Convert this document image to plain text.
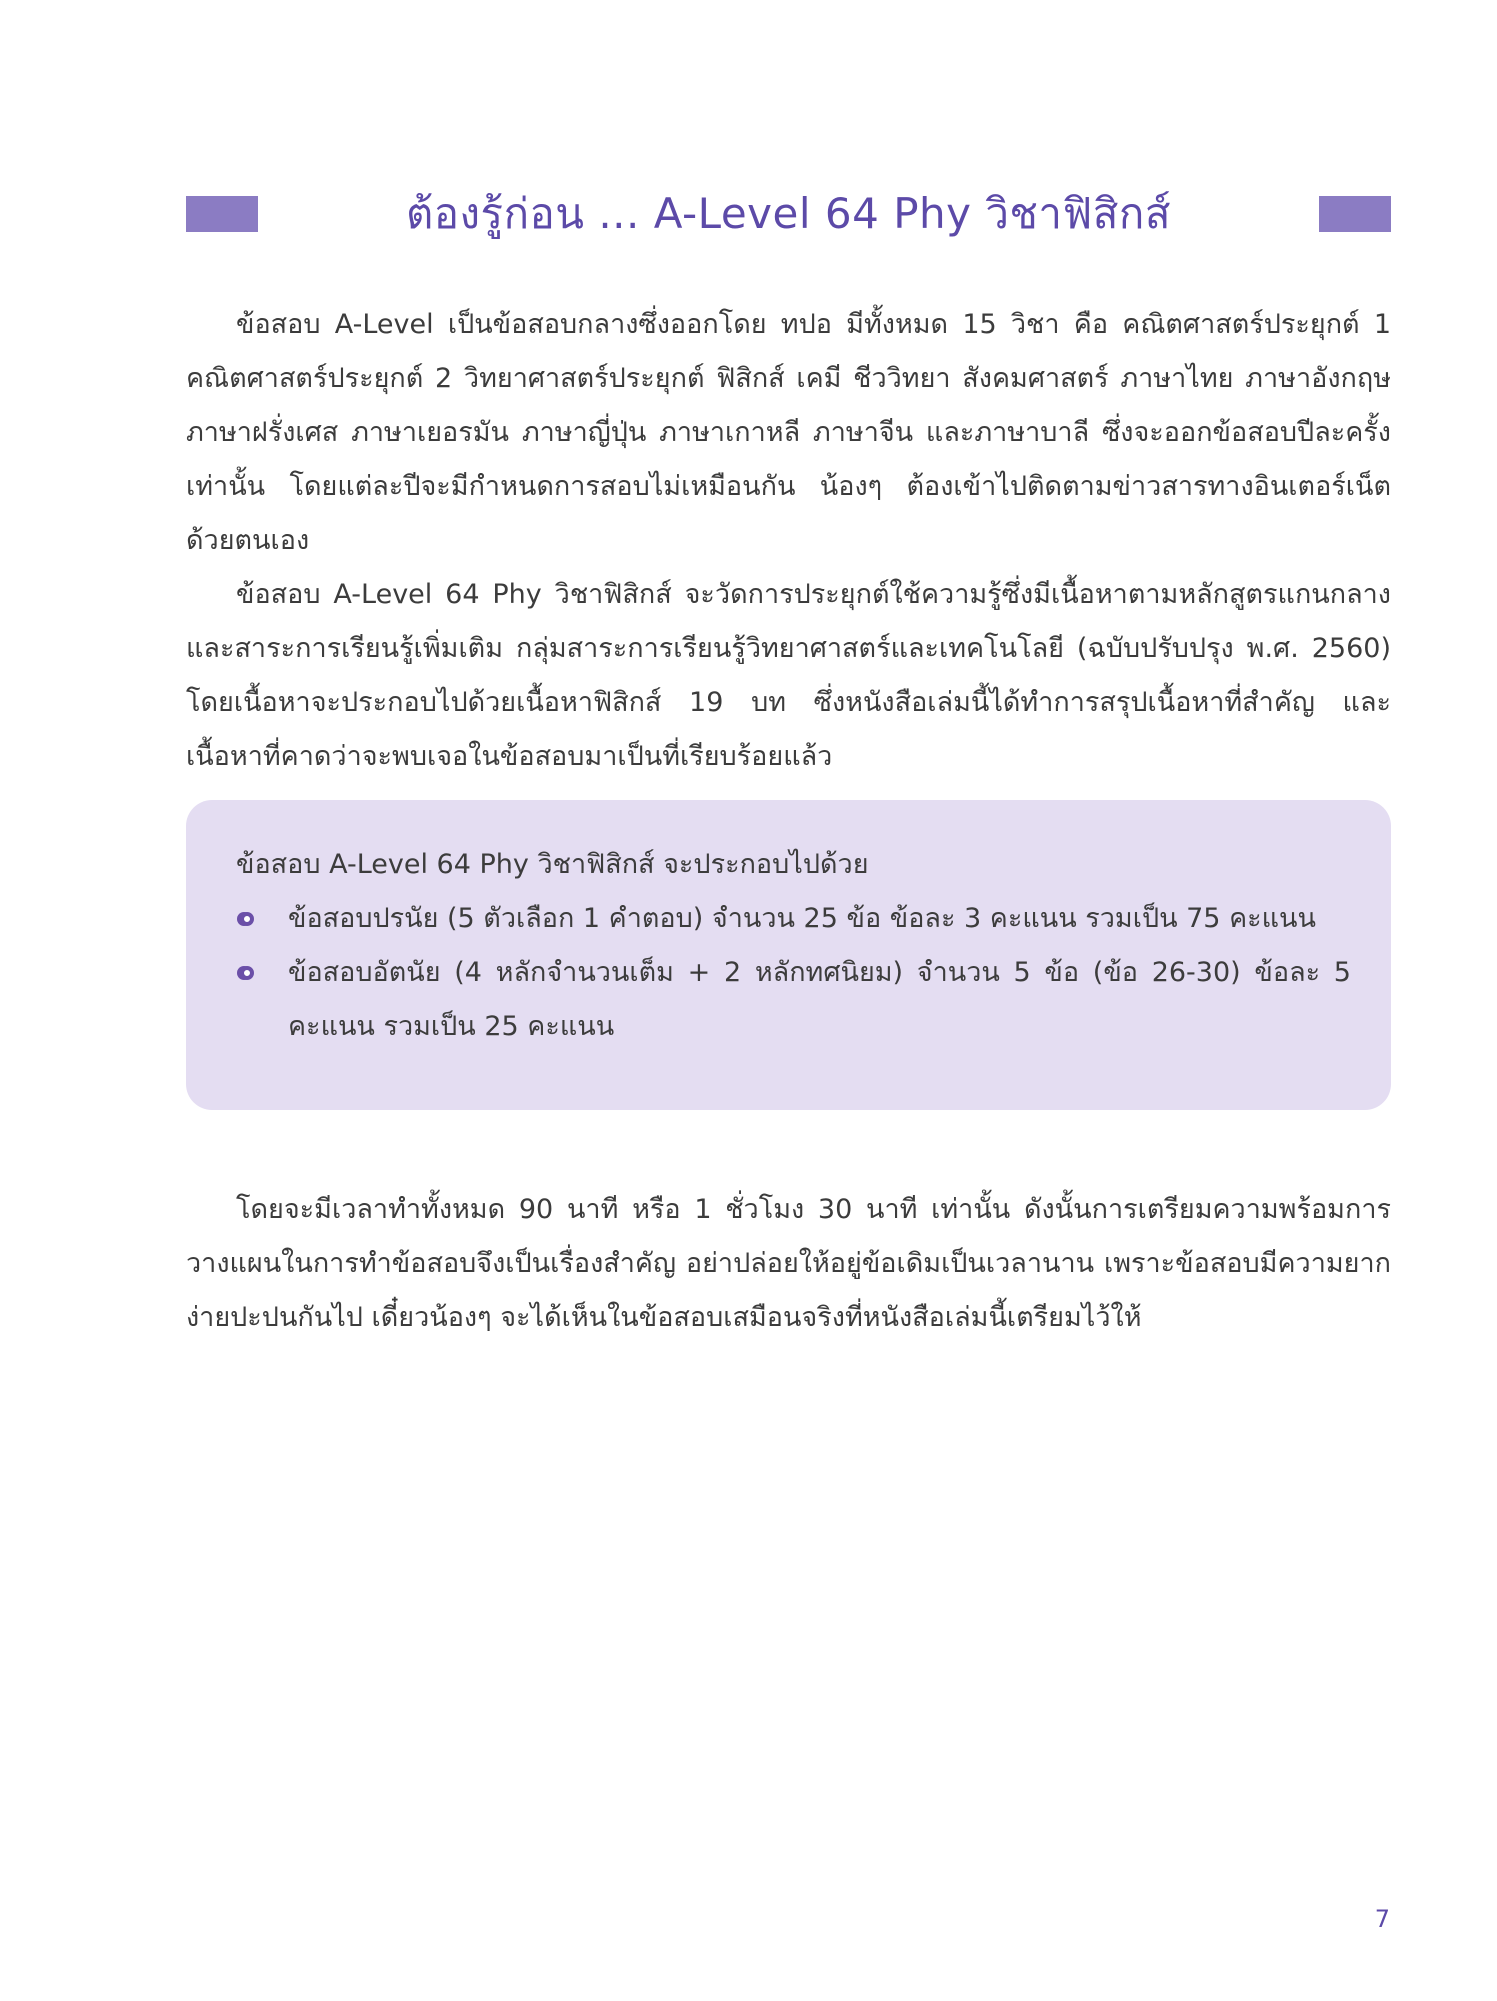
ต้องรู้ก่อน ... A-Level 64 Phy วิชาฟิสิกส์
ข้อสอบ A-Level เป็นข้อสอบกลางซึ่งออกโดย ทปอ มีทั้งหมด 15 วิชา คือ คณิตศาสตร์ประยุกต์ 1 คณิตศาสตร์ประยุกต์ 2 วิทยาศาสตร์ประยุกต์ ฟิสิกส์ เคมี ชีววิทยา สังคมศาสตร์ ภาษาไทย ภาษาอังกฤษ ภาษาฝรั่งเศส ภาษาเยอรมัน ภาษาญี่ปุ่น ภาษาเกาหลี ภาษาจีน และภาษาบาลี ซึ่งจะออกข้อสอบปีละครั้งเท่านั้น โดยแต่ละปีจะมีกำหนดการสอบไม่เหมือนกัน น้องๆ ต้องเข้าไปติดตามข่าวสารทางอินเตอร์เน็ตด้วยตนเอง
ข้อสอบ A-Level 64 Phy วิชาฟิสิกส์ จะวัดการประยุกต์ใช้ความรู้ซึ่งมีเนื้อหาตามหลักสูตรแกนกลางและสาระการเรียนรู้เพิ่มเติม กลุ่มสาระการเรียนรู้วิทยาศาสตร์และเทคโนโลยี (ฉบับปรับปรุง พ.ศ. 2560) โดยเนื้อหาจะประกอบไปด้วยเนื้อหาฟิสิกส์ 19 บท ซึ่งหนังสือเล่มนี้ได้ทำการสรุปเนื้อหาที่สำคัญ และเนื้อหาที่คาดว่าจะพบเจอในข้อสอบมาเป็นที่เรียบร้อยแล้ว
ข้อสอบ A-Level 64 Phy วิชาฟิสิกส์ จะประกอบไปด้วย
ข้อสอบปรนัย (5 ตัวเลือก 1 คำตอบ) จำนวน 25 ข้อ ข้อละ 3 คะแนน รวมเป็น 75 คะแนน
ข้อสอบอัตนัย (4 หลักจำนวนเต็ม + 2 หลักทศนิยม) จำนวน 5 ข้อ (ข้อ 26-30) ข้อละ 5 คะแนน รวมเป็น 25 คะแนน
โดยจะมีเวลาทำทั้งหมด 90 นาที หรือ 1 ชั่วโมง 30 นาที เท่านั้น ดังนั้นการเตรียมความพร้อมการวางแผนในการทำข้อสอบจึงเป็นเรื่องสำคัญ อย่าปล่อยให้อยู่ข้อเดิมเป็นเวลานาน เพราะข้อสอบมีความยากง่ายปะปนกันไป เดี๋ยวน้องๆ จะได้เห็นในข้อสอบเสมือนจริงที่หนังสือเล่มนี้เตรียมไว้ให้
7
